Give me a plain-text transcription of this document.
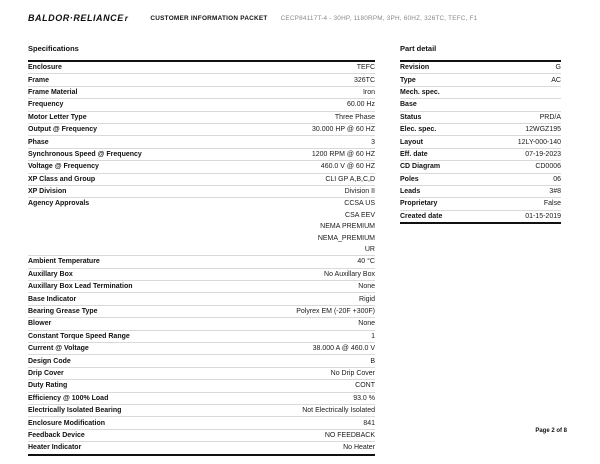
BALDOR·RELIANCEr	CUSTOMER INFORMATION PACKET CECP84117T-4 - 30HP, 1180RPM, 3PH, 60HZ, 326TC, TEFC, F1
Specifications
Enclosure	TEFC
Frame	326TC
Frame Material	Iron
Frequency	60.00 Hz
Motor Letter Type	Three Phase
Output @ Frequency	30.000 HP @ 60 HZ
Phase	3
Synchronous Speed @ Frequency	1200 RPM @ 60 HZ
Voltage @ Frequency	460.0 V @ 60 HZ
XP Class and Group	CLI GP A,B,C,D
XP Division	Division II
Agency Approvals	CCSA US
CSA EEV
NEMA PREMIUM
NEMA_PREMIUM
UR
Ambient Temperature	40 °C
Auxillary Box	No Auxillary Box
Auxillary Box Lead Termination	None
Base Indicator	Rigid
Bearing Grease Type	Polyrex EM (-20F +300F)
Blower	None
Constant Torque Speed Range	1
Current @ Voltage	38.000 A @ 460.0 V
Design Code	B
Drip Cover	No Drip Cover
Duty Rating	CONT
Efficiency @ 100% Load	93.0 %
Electrically Isolated Bearing	Not Electrically Isolated
Enclosure Modification	841
Feedback Device	NO FEEDBACK
Heater Indicator	No Heater
Part detail
Revision	G
Type	AC
Mech. spec.
Base
Status	PRD/A
Elec. spec.	12WGZ195
Layout	12LY-000-140
Eff. date	07-19-2023
CD Diagram	CD0006
Poles	06
Leads	3#8
Proprietary	False
Created date	01-15-2019
Page 2 of 8
